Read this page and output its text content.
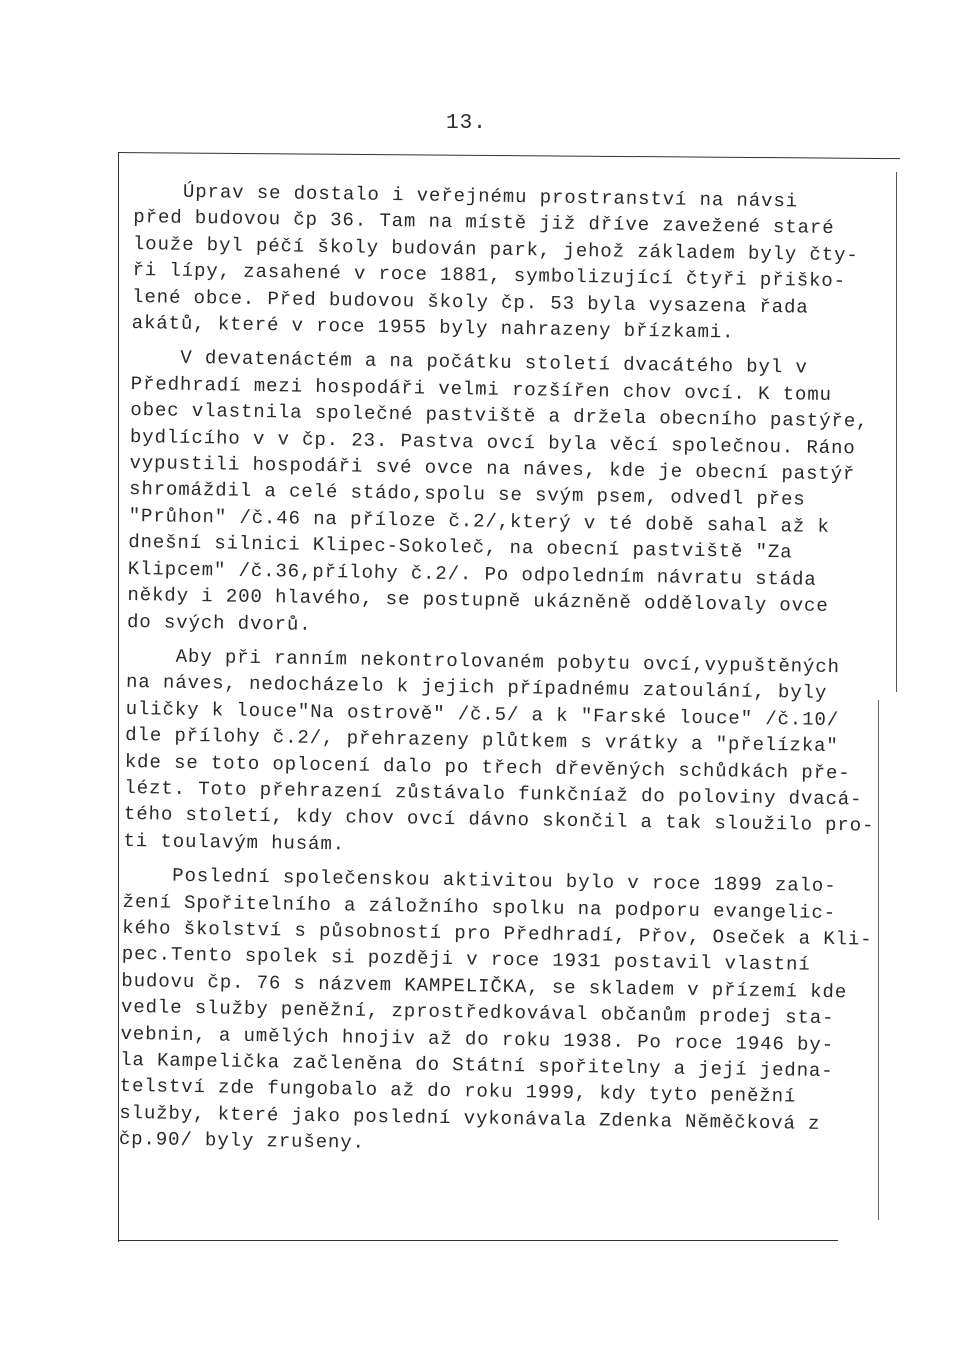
13.
Úprav se dostalo i veřejnému prostranství na návsi
před budovou čp 36. Tam na místě již dříve zavežené staré
louže byl péčí školy budován park, jehož základem byly čty-
ři lípy, zasahené v roce 1881, symbolizující čtyři přiško-
lené obce. Před budovou školy čp. 53 byla vysazena řada
akátů, které v roce 1955 byly nahrazeny břízkami.
V devatenáctém a na počátku století dvacátého byl v
Předhradí mezi hospodáři velmi rozšířen chov ovcí. K tomu
obec vlastnila společné pastviště a držela obecního pastýře,
bydlícího v v čp. 23. Pastva ovcí byla věcí společnou. Ráno
vypustili hospodáři své ovce na náves, kde je obecní pastýř
shromáždil a celé stádo,spolu se svým psem, odvedl přes
"Průhon" /č.46 na příloze č.2/,který v té době sahal až k
dnešní silnici Klipec-Sokoleč, na obecní pastviště "Za
Klipcem" /č.36,přílohy č.2/. Po odpoledním návratu stáda
někdy i 200 hlavého, se postupně ukázněně oddělovaly ovce
do svých dvorů.
Aby při ranním nekontrolovaném pobytu ovcí,vypuštěných
na náves, nedocházelo k jejich případnému zatoulání, byly
uličky k louce"Na ostrově" /č.5/ a k "Farské louce" /č.10/
dle přílohy č.2/, přehrazeny plůtkem s vrátky a "přelízka"
kde se toto oplocení dalo po třech dřevěných schůdkách pře-
lézt. Toto přehrazení zůstávalo funkčníaž do poloviny dvacá-
tého století, kdy chov ovcí dávno skončil a tak sloužilo pro-
ti toulavým husám.
Poslední společenskou aktivitou bylo v roce 1899 zalo-
žení Spořitelního a záložního spolku na podporu evangelic-
kého školství s působností pro Předhradí, Přov, Oseček a Kli-
pec.Tento spolek si později v roce 1931 postavil vlastní
budovu čp. 76 s názvem KAMPELIČKA, se skladem v přízemí kde
vedle služby peněžní, zprostředkovával občanům prodej sta-
vebnin, a umělých hnojiv až do roku 1938. Po roce 1946 by-
la Kampelička začleněna do Státní spořitelny a její jedna-
telství zde fungobalo až do roku 1999, kdy tyto peněžní
služby, které jako poslední vykonávala Zdenka Něměčková z
čp.90/ byly zrušeny.
